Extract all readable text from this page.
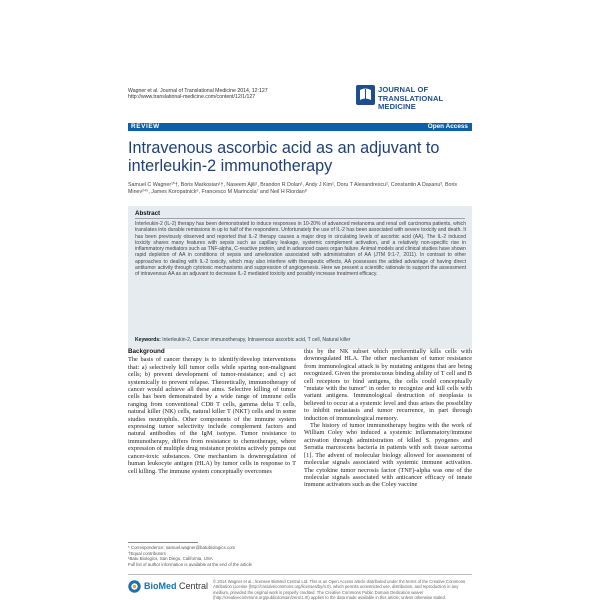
Wagner et al. Journal of Translational Medicine 2014, 12:127
http://www.translational-medicine.com/content/12/1/127
JOURNAL OF
TRANSLATIONAL MEDICINE
REVIEW	Open Access
Intravenous ascorbic acid as an adjuvant to interleukin-2 immunotherapy
Samuel C Wagner¹*†, Boris Markosian¹†, Naseem Ajili¹, Brandon R Dolan¹, Andy J Kim¹, Doru T Alexandrescu², Constantin A Dasanu³, Boris Minev²⁴⁵, James Koropatnick⁶, Francesco M Marincola⁷ and Neil H Riordan⁸
Abstract

Interleukin-2 (IL-2) therapy has been demonstrated to induce responses in 10-20% of advanced melanoma and renal cell carcinoma patients, which translates into durable remissions in up to half of the responders. Unfortunately the use of IL-2 has been associated with severe toxicity and death. It has been previously observed and reported that IL-2 therapy causes a major drop in circulating levels of ascorbic acid (AA). The IL-2 induced toxicity shares many features with sepsis such as capillary leakage, systemic complement activation, and a relatively non-specific rise in inflammatory mediators such as TNF-alpha, C-reactive protein, and in advanced cases organ failure. Animal models and clinical studies have shown rapid depletion of AA in conditions of sepsis and amelioration associated with administration of AA (JTM 9:1-7, 2011). In contrast to other approaches to dealing with IL-2 toxicity, which may also interfere with therapeutic effects, AA possesses the added advantage of having direct antitumor activity through cytotoxic mechanisms and suppression of angiogenesis. Here we present a scientific rationale to support the assessment of intravenous AA as an adjuvant to decrease IL-2 mediated toxicity and possibly increase treatment efficacy.

Keywords: Interleukin-2, Cancer immunotherapy, Intravenous ascorbic acid, T cell, Natural killer
Background
The basis of cancer therapy is to identify/develop interventions that: a) selectively kill tumor cells while sparing non-malignant cells; b) prevent development of tumor-resistance; and c) act systemically to prevent relapse. Theoretically, immunotherapy of cancer would achieve all these aims. Selective killing of tumor cells has been demonstrated by a wide range of immune cells ranging from conventional CD8 T cells, gamma delta T cells, natural killer (NK) cells, natural killer T (NKT) cells and in some studies neutrophils. Other components of the immune system expressing tumor selectivity include complement factors and natural antibodies of the IgM isotype. Tumor resistance to immunotherapy, differs from resistance to chemotherapy, where expression of multiple drug resistance proteins actively pumps out cancer-toxic substances. One mechanism is downregulation of human leukocyte antigen (HLA) by tumor cells in response to T cell killing. The immune system conceptually overcomes
this by the NK subset which preferentially kills cells with downregulated HLA. The other mechanism of tumor resistance from immunological attack is by mutating antigens that are being recognized. Given the promiscuous binding ability of T cell and B cell receptors to bind antigens, the cells could conceptually "mutate with the tumor" in order to recognize and kill cells with variant antigens. Immunological destruction of neoplasia is believed to occur at a systemic level and thus arises the possibility to inhibit metastasis and tumor recurrence, in part through induction of immunological memory.
The history of tumor immunotherapy begins with the work of William Coley who induced a systemic inflammatory/immune activation through administration of killed S. pyogenes and Serratia marcescens bacteria in patients with soft tissue sarcoma [1]. The advent of molecular biology allowed for assessment of molecular signals associated with systemic immune activation. The cytokine tumor necrosis factor (TNF)-alpha was one of the molecular signals associated with anticancer efficacy of innate immune activators such as the Coley vaccine
* Correspondence: samuel.wagner@batubiologics.com
†Equal contributors
¹Batu Biologics, San Diego, California, USA
Full list of author information is available at the end of the article
BioMed Central © 2014 Wagner et al.; licensee BioMed Central Ltd. This is an Open Access article distributed under the terms of the Creative Commons Attribution License (http://creativecommons.org/licenses/by/4.0), which permits unrestricted use, distribution, and reproduction in any medium, provided the original work is properly credited. The Creative Commons Public Domain Dedication waiver (http://creativecommons.org/publicdomain/zero/1.0/) applies to the data made available in this article, unless otherwise stated.
